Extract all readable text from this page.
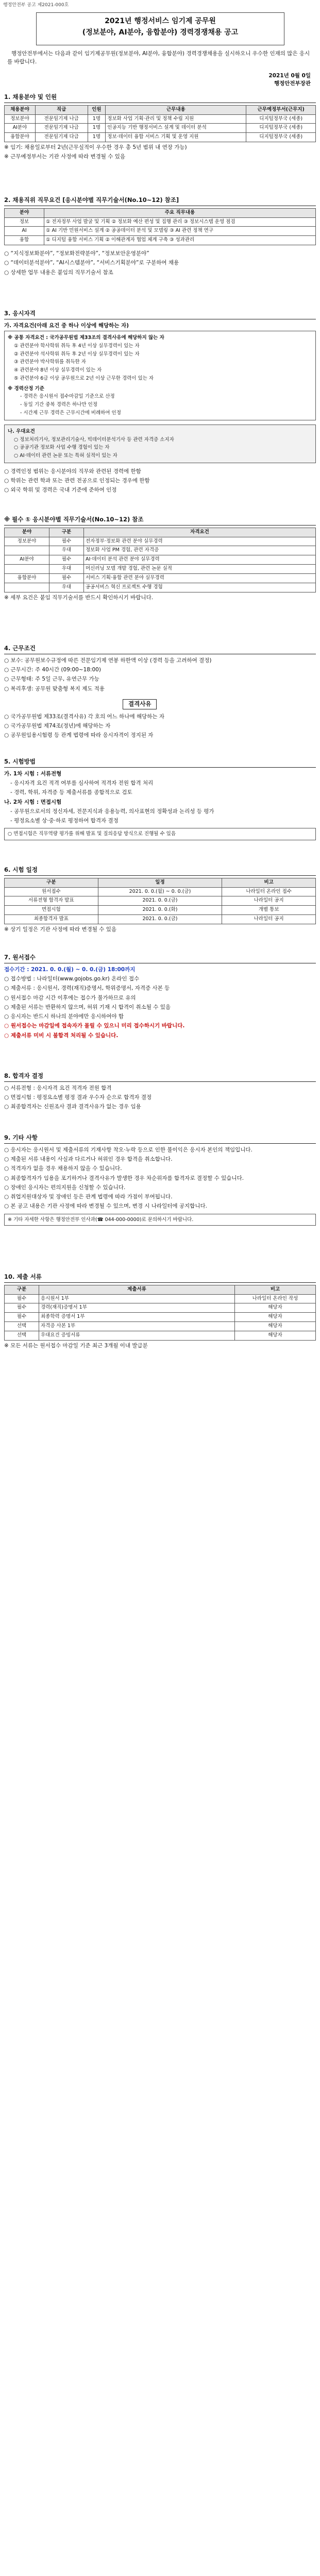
행정안전부 공고 제2021-000호
2021년 행정서비스 임기제 공무원
(정보분야, AI분야, 융합분야) 경력경쟁채용 공고
행정안전부에서는 다음과 같이 임기제공무원(정보분야, AI분야, 융합분야) 경력경쟁채용을 실시하오니 우수한 인재의 많은 응시를 바랍니다.
2021년 0월 0일
행정안전부장관
1. 채용분야 및 인원
채용분야	직급	인원	근무내용	근무예정부서(근무지)
정보분야	전문임기제 나급	1명	정보화 사업 기획·관리 및 정책 수립 지원	디지털정부국 (세종)
AI분야	전문임기제 나급	1명	인공지능 기반 행정서비스 설계 및 데이터 분석	디지털정부국 (세종)
융합분야	전문임기제 다급	1명	정보·데이터 융합 서비스 기획 및 운영 지원	디지털정부국 (세종)
※ 임기: 채용일로부터 2년(근무실적이 우수한 경우 총 5년 범위 내 연장 가능)
※ 근무예정부서는 기관 사정에 따라 변경될 수 있음
2. 채용직위 직무요건 [응시분야별 직무기술서(No.10~12) 참조]
분야	주요 직무내용
정보	① 전자정부 사업 발굴 및 기획 ② 정보화 예산 편성 및 집행 관리 ③ 정보시스템 운영 점검
AI	① AI 기반 민원서비스 설계 ② 공공데이터 분석 및 모델링 ③ AI 관련 정책 연구
융합	① 디지털 융합 서비스 기획 ② 이해관계자 협업 체계 구축 ③ 성과관리
○ “지식정보화분야”, “정보화전략분야”, “정보보안운영분야”
○ “데이터분석분야”, “AI시스템분야”, “서비스기획분야”로 구분하여 채용
○ 상세한 업무 내용은 붙임의 직무기술서 참조
3. 응시자격
가. 자격요건(아래 요건 중 하나 이상에 해당하는 자)
※ 공통 자격요건 : 국가공무원법 제33조의 결격사유에 해당하지 않는 자
① 관련분야 학사학위 취득 후 4년 이상 실무경력이 있는 자
② 관련분야 석사학위 취득 후 2년 이상 실무경력이 있는 자
③ 관련분야 박사학위를 취득한 자
④ 관련분야 8년 이상 실무경력이 있는 자
⑤ 관련분야 6급 이상 공무원으로 2년 이상 근무한 경력이 있는 자
※ 경력산정 기준
- 경력은 응시원서 접수마감일 기준으로 산정
- 동일 기간 중복 경력은 하나만 인정
- 시간제 근무 경력은 근무시간에 비례하여 인정
나. 우대요건
○ 정보처리기사, 정보관리기술사, 빅데이터분석기사 등 관련 자격증 소지자
○ 공공기관 정보화 사업 수행 경험이 있는 자
○ AI·데이터 관련 논문 또는 특허 실적이 있는 자
○ 경력인정 범위는 응시분야의 직무와 관련된 경력에 한함
○ 학위는 관련 학과 또는 관련 전공으로 인정되는 경우에 한함
○ 외국 학위 및 경력은 국내 기준에 준하여 인정
※ 필수 ① 응시분야별 직무기술서(No.10~12) 참조
분야	구분	자격요건
정보분야	필수	전자정부·정보화 관련 분야 실무경력
	우대	정보화 사업 PM 경험, 관련 자격증
AI분야	필수	AI·데이터 분석 관련 분야 실무경력
	우대	머신러닝 모델 개발 경험, 관련 논문 실적
융합분야	필수	서비스 기획·융합 관련 분야 실무경력
	우대	공공서비스 혁신 프로젝트 수행 경험
※ 세부 요건은 붙임 직무기술서를 반드시 확인하시기 바랍니다.
4. 근무조건
○ 보수: 공무원보수규정에 따른 전문임기제 연봉 하한액 이상 (경력 등을 고려하여 결정)
○ 근무시간: 주 40시간 (09:00~18:00)
○ 근무형태: 주 5일 근무, 유연근무 가능
○ 복리후생: 공무원 맞춤형 복지 제도 적용
결격사유
○ 국가공무원법 제33조(결격사유) 각 호의 어느 하나에 해당하는 자
○ 국가공무원법 제74조(정년)에 해당하는 자
○ 공무원임용시험령 등 관계 법령에 따라 응시자격이 정지된 자
5. 시험방법
가. 1차 시험 : 서류전형
- 응시자격 요건 적격 여부를 심사하여 적격자 전원 합격 처리
- 경력, 학위, 자격증 등 제출서류를 종합적으로 검토
나. 2차 시험 : 면접시험
- 공무원으로서의 정신자세, 전문지식과 응용능력, 의사표현의 정확성과 논리성 등 평가
- 평정요소별 상·중·하로 평정하여 합격자 결정
○ 면접시험은 직무역량 평가를 위해 발표 및 질의응답 방식으로 진행될 수 있음
6. 시험 일정
구분	일정	비고
원서접수	2021. 0. 0.(월) ~ 0. 0.(금)	나라일터 온라인 접수
서류전형 합격자 발표	2021. 0. 0.(금)	나라일터 공지
면접시험	2021. 0. 0.(화)	개별 통보
최종합격자 발표	2021. 0. 0.(금)	나라일터 공지
※ 상기 일정은 기관 사정에 따라 변경될 수 있음
7. 원서접수
접수기간 : 2021. 0. 0.(월) ~ 0. 0.(금) 18:00까지
○ 접수방법 : 나라일터(www.gojobs.go.kr) 온라인 접수
○ 제출서류 : 응시원서, 경력(재직)증명서, 학위증명서, 자격증 사본 등
○ 원서접수 마감 시간 이후에는 접수가 불가하므로 유의
○ 제출된 서류는 반환하지 않으며, 허위 기재 시 합격이 취소될 수 있음
○ 응시자는 반드시 하나의 분야에만 응시하여야 함
○ 원서접수는 마감일에 접속자가 몰릴 수 있으니 미리 접수하시기 바랍니다.
○ 제출서류 미비 시 불합격 처리될 수 있습니다.
8. 합격자 결정
○ 서류전형 : 응시자격 요건 적격자 전원 합격
○ 면접시험 : 평정요소별 평정 결과 우수자 순으로 합격자 결정
○ 최종합격자는 신원조사 결과 결격사유가 없는 경우 임용
9. 기타 사항
○ 응시자는 응시원서 및 제출서류의 기재사항 착오·누락 등으로 인한 불이익은 응시자 본인의 책임입니다.
○ 제출된 서류 내용이 사실과 다르거나 허위인 경우 합격을 취소합니다.
○ 적격자가 없을 경우 채용하지 않을 수 있습니다.
○ 최종합격자가 임용을 포기하거나 결격사유가 발생한 경우 차순위자를 합격자로 결정할 수 있습니다.
○ 장애인 응시자는 편의지원을 신청할 수 있습니다.
○ 취업지원대상자 및 장애인 등은 관계 법령에 따라 가점이 부여됩니다.
○ 본 공고 내용은 기관 사정에 따라 변경될 수 있으며, 변경 시 나라일터에 공지합니다.
※ 기타 자세한 사항은 행정안전부 인사과(☎ 044-000-0000)로 문의하시기 바랍니다.
10. 제출 서류
구분	제출서류	비고
필수	응시원서 1부	나라일터 온라인 작성
필수	경력(재직)증명서 1부	해당자
필수	최종학력 증명서 1부	해당자
선택	자격증 사본 1부	해당자
선택	우대요건 증빙서류	해당자
※ 모든 서류는 원서접수 마감일 기준 최근 3개월 이내 발급분
